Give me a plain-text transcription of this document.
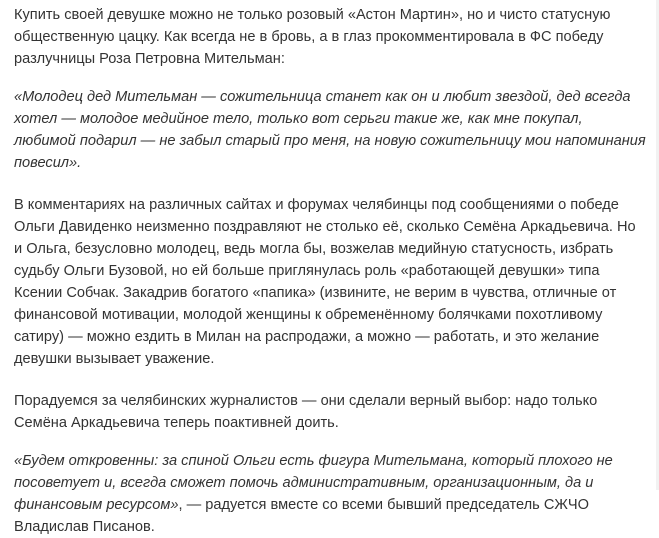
Купить своей девушке можно не только розовый «Астон Мартин», но и чисто статусную общественную цацку. Как всегда не в бровь, а в глаз прокомментировала в ФС победу разлучницы Роза Петровна Мительман:

«Молодец дед Мительман — сожительница станет как он и любит звездой, дед всегда хотел — молодое медийное тело, только вот серьги такие же, как мне покупал, любимой подарил — не забыл старый про меня, на новую сожительницу мои напоминания повесил».

В комментариях на различных сайтах и форумах челябинцы под сообщениями о победе Ольги Давиденко неизменно поздравляют не столько её, сколько Семёна Аркадьевича. Но и Ольга, безусловно молодец, ведь могла бы, возжелав медийную статусность, избрать судьбу Ольги Бузовой, но ей больше приглянулась роль «работающей девушки» типа Ксении Собчак. Закадрив богатого «папика» (извините, не верим в чувства, отличные от финансовой мотивации, молодой женщины к обременённому болячками похотливому сатиру) — можно ездить в Милан на распродажи, а можно — работать, и это желание девушки вызывает уважение.

Порадуемся за челябинских журналистов — они сделали верный выбор: надо только Семёна Аркадьевича теперь поактивней доить.

«Будем откровенны: за спиной Ольги есть фигура Мительмана, который плохого не посоветует и, всегда сможет помочь административным, организационным, да и финансовым ресурсом», — радуется вместе со всеми бывший председатель СЖЧО Владислав Писанов.
